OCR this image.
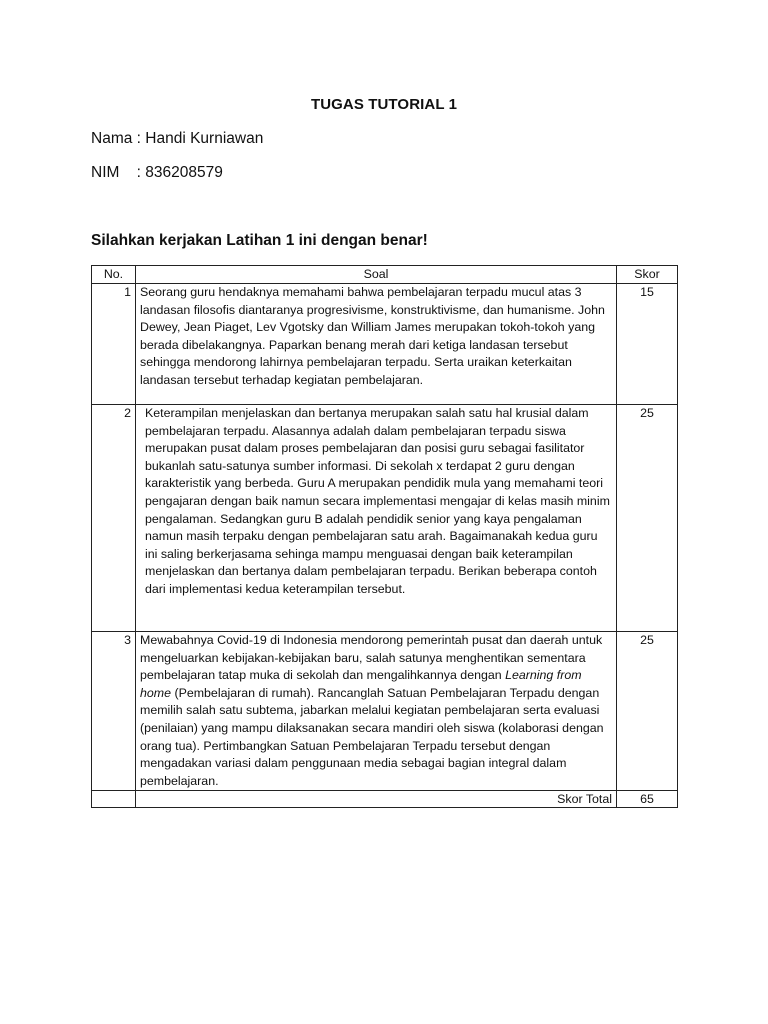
TUGAS TUTORIAL 1
Nama : Handi Kurniawan
NIM    : 836208579
Silahkan kerjakan Latihan 1 ini dengan benar!
No.	Soal	Skor
1	Seorang guru hendaknya memahami bahwa pembelajaran terpadu mucul atas 3 landasan filosofis diantaranya progresivisme, konstruktivisme, dan humanisme. John Dewey, Jean Piaget, Lev Vgotsky dan William James merupakan tokoh-tokoh yang berada dibelakangnya. Paparkan benang merah dari ketiga landasan tersebut sehingga mendorong lahirnya pembelajaran terpadu. Serta uraikan keterkaitan landasan tersebut terhadap kegiatan pembelajaran.	15
2	Keterampilan menjelaskan dan bertanya merupakan salah satu hal krusial dalam pembelajaran terpadu. Alasannya adalah dalam pembelajaran terpadu siswa merupakan pusat dalam proses pembelajaran dan posisi guru sebagai fasilitator bukanlah satu-satunya sumber informasi. Di sekolah x terdapat 2 guru dengan karakteristik yang berbeda. Guru A merupakan pendidik mula yang memahami teori pengajaran dengan baik namun secara implementasi mengajar di kelas masih minim pengalaman. Sedangkan guru B adalah pendidik senior yang kaya pengalaman namun masih terpaku dengan pembelajaran satu arah. Bagaimanakah kedua guru ini saling berkerjasama sehinga mampu menguasai dengan baik keterampilan menjelaskan dan bertanya dalam pembelajaran terpadu. Berikan beberapa contoh dari implementasi kedua keterampilan tersebut.	25
3	Mewabahnya Covid-19 di Indonesia mendorong pemerintah pusat dan daerah untuk mengeluarkan kebijakan-kebijakan baru, salah satunya menghentikan sementara pembelajaran tatap muka di sekolah dan mengalihkannya dengan Learning from home (Pembelajaran di rumah). Rancanglah Satuan Pembelajaran Terpadu dengan memilih salah satu subtema, jabarkan melalui kegiatan pembelajaran serta evaluasi (penilaian) yang mampu dilaksanakan secara mandiri oleh siswa (kolaborasi dengan orang tua). Pertimbangkan Satuan Pembelajaran Terpadu tersebut dengan mengadakan variasi dalam penggunaan media sebagai bagian integral dalam pembelajaran.	25
	Skor Total	65
